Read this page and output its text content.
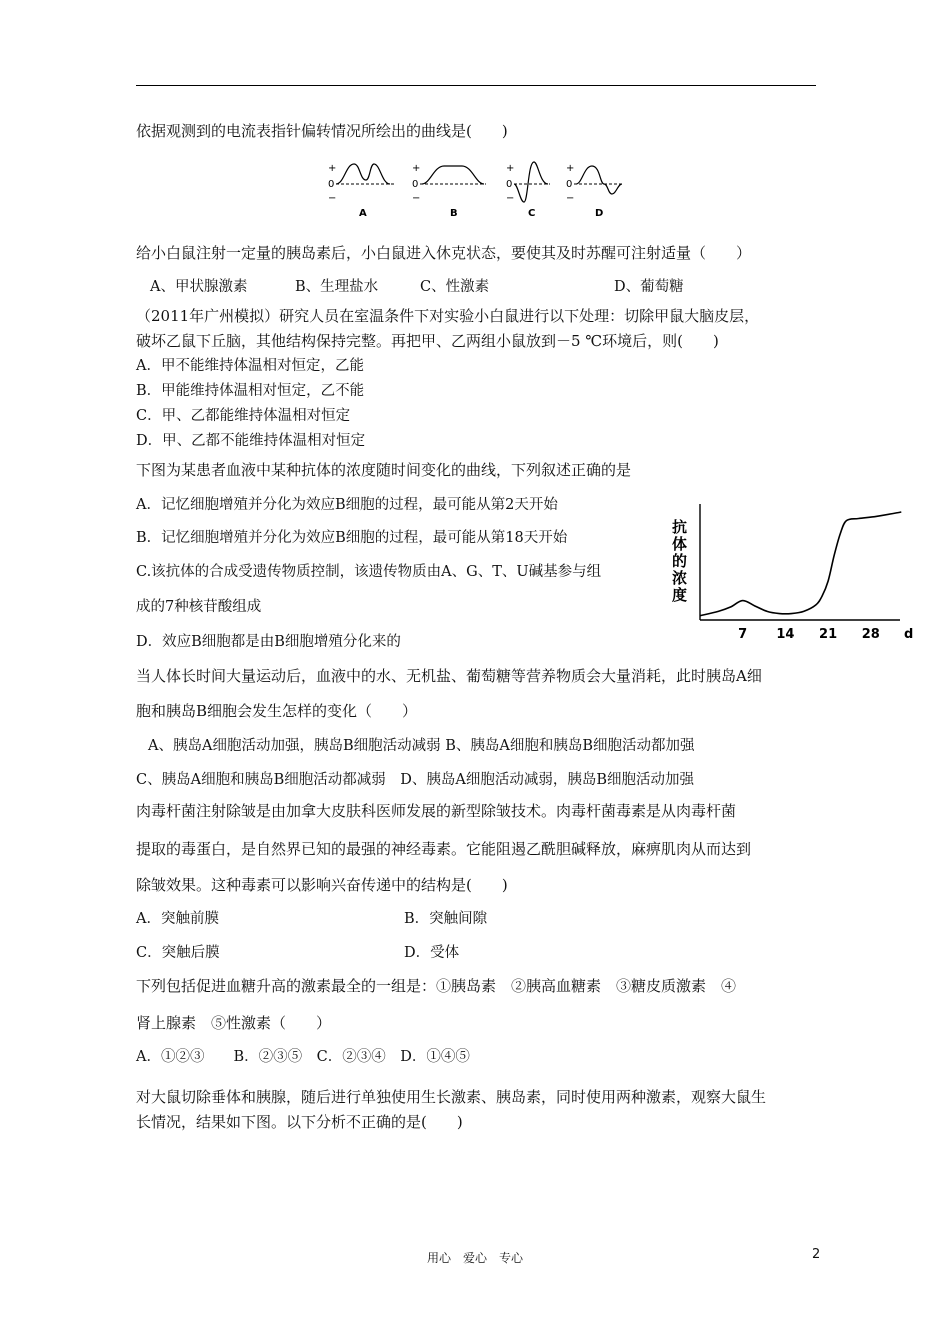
依据观测到的电流表指针偏转情况所绘出的曲线是(　　)
+
0
−
A
+
0
−
B
+
0
−
C
+
0
−
D
给小白鼠注射一定量的胰岛素后，小白鼠进入休克状态，要使其及时苏醒可注射适量（　　）
A、甲状腺激素	B、生理盐水	C、性激素	D、葡萄糖
（2011年广州模拟）研究人员在室温条件下对实验小白鼠进行以下处理：切除甲鼠大脑皮层，
破坏乙鼠下丘脑，其他结构保持完整。再把甲、乙两组小鼠放到－5 ℃环境后，则(　　)
A．甲不能维持体温相对恒定，乙能
B．甲能维持体温相对恒定，乙不能
C．甲、乙都能维持体温相对恒定
D．甲、乙都不能维持体温相对恒定
下图为某患者血液中某种抗体的浓度随时间变化的曲线，下列叙述正确的是
A．记忆细胞增殖并分化为效应B细胞的过程，最可能从第2天开始
B．记忆细胞增殖并分化为效应B细胞的过程，最可能从第18天开始
C.该抗体的合成受遗传物质控制，该遗传物质由A、G、T、U碱基参与组
成的7种核苷酸组成
D．效应B细胞都是由B细胞增殖分化来的
抗
体
的
浓
度
7 14 21 28 d
当人体长时间大量运动后，血液中的水、无机盐、葡萄糖等营养物质会大量消耗，此时胰岛A细
胞和胰岛B细胞会发生怎样的变化（　　）
A、胰岛A细胞活动加强，胰岛B细胞活动减弱 B、胰岛A细胞和胰岛B细胞活动都加强
C、胰岛A细胞和胰岛B细胞活动都减弱　D、胰岛A细胞活动减弱，胰岛B细胞活动加强
肉毒杆菌注射除皱是由加拿大皮肤科医师发展的新型除皱技术。肉毒杆菌毒素是从肉毒杆菌
提取的毒蛋白，是自然界已知的最强的神经毒素。它能阻遏乙酰胆碱释放，麻痹肌肉从而达到
除皱效果。这种毒素可以影响兴奋传递中的结构是(　　)
A．突触前膜	B．突触间隙
C．突触后膜	D．受体
下列包括促进血糖升高的激素最全的一组是：①胰岛素　②胰高血糖素　③糖皮质激素　④
肾上腺素　⑤性激素（　　）
A．①②③　　B．②③⑤　C．②③④　D．①④⑤
对大鼠切除垂体和胰腺，随后进行单独使用生长激素、胰岛素，同时使用两种激素，观察大鼠生
长情况，结果如下图。以下分析不正确的是(　　)
用心　爱心　专心	2
